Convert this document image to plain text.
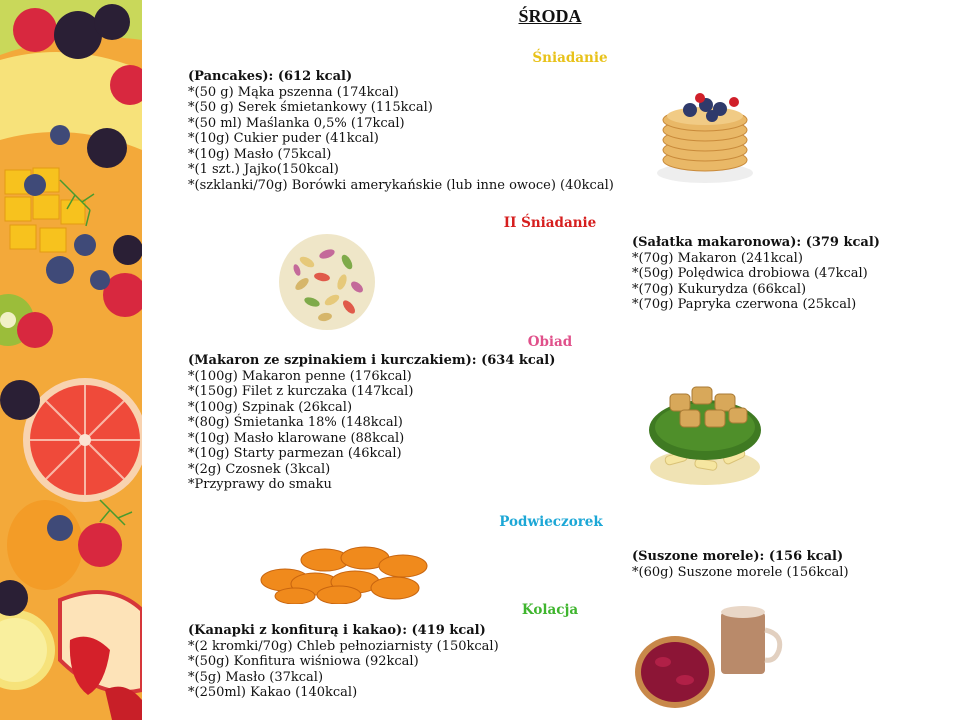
ŚRODA
Śniadanie
(Pancakes): (612 kcal)
*(50 g) Mąka pszenna (174kcal)
*(50 g) Serek śmietankowy (115kcal)
*(50 ml) Maślanka 0,5% (17kcal)
*(10g) Cukier puder (41kcal)
*(10g) Masło (75kcal)
*(1 szt.) Jajko(150kcal)
*(szklanki/70g) Borówki amerykańskie (lub inne owoce) (40kcal)
II Śniadanie
(Sałatka makaronowa): (379 kcal)
*(70g) Makaron (241kcal)
*(50g) Polędwica drobiowa (47kcal)
*(70g) Kukurydza (66kcal)
*(70g) Papryka czerwona (25kcal)
Obiad
(Makaron ze szpinakiem i kurczakiem): (634 kcal)
*(100g) Makaron penne (176kcal)
*(150g) Filet z kurczaka (147kcal)
*(100g) Szpinak (26kcal)
*(80g) Śmietanka 18% (148kcal)
*(10g) Masło klarowane (88kcal)
*(10g) Starty parmezan (46kcal)
*(2g) Czosnek (3kcal)
*Przyprawy do smaku
Podwieczorek
(Suszone morele): (156 kcal)
*(60g) Suszone morele (156kcal)
Kolacja
(Kanapki z konfiturą i kakao): (419 kcal)
*(2 kromki/70g) Chleb pełnoziarnisty (150kcal)
*(50g) Konfitura wiśniowa (92kcal)
*(5g) Masło (37kcal)
*(250ml) Kakao (140kcal)
